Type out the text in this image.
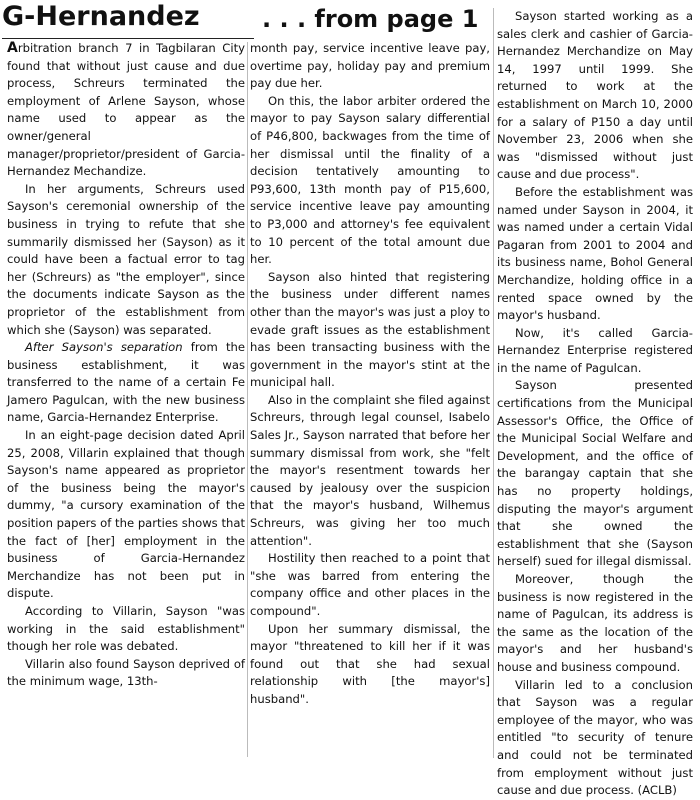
G-Hernandez	. . . from page 1

Arbitration branch 7 in Tagbilaran City found that without just cause and due process, Schreurs terminated the employment of Arlene Sayson, whose name used to appear as the owner/general manager/proprietor/president of Garcia-Hernandez Mechandize.

In her arguments, Schreurs used Sayson's ceremonial ownership of the business in trying to refute that she summarily dismissed her (Sayson) as it could have been a factual error to tag her (Schreurs) as "the employer", since the documents indicate Sayson as the proprietor of the establishment from which she (Sayson) was separated.

After Sayson's separation from the business establishment, it was transferred to the name of a certain Fe Jamero Pagulcan, with the new business name, Garcia-Hernandez Enterprise.

In an eight-page decision dated April 25, 2008, Villarin explained that though Sayson's name appeared as proprietor of the business being the mayor's dummy, "a cursory examination of the position papers of the parties shows that the fact of [her] employment in the business of Garcia-Hernandez Merchandize has not been put in dispute.

According to Villarin, Sayson "was working in the said establishment" though her role was debated.

Villarin also found Sayson deprived of the minimum wage, 13th-

month pay, service incentive leave pay, overtime pay, holiday pay and premium pay due her.

On this, the labor arbiter ordered the mayor to pay Sayson salary differential of P46,800, backwages from the time of her dismissal until the finality of a decision tentatively amounting to P93,600, 13th month pay of P15,600, service incentive leave pay amounting to P3,000 and attorney's fee equivalent to 10 percent of the total amount due her.

Sayson also hinted that registering the business under different names other than the mayor's was just a ploy to evade graft issues as the establishment has been transacting business with the government in the mayor's stint at the municipal hall.

Also in the complaint she filed against Schreurs, through legal counsel, Isabelo Sales Jr., Sayson narrated that before her summary dismissal from work, she "felt the mayor's resentment towards her caused by jealousy over the suspicion that the mayor's husband, Wilhemus Schreurs, was giving her too much attention".

Hostility then reached to a point that "she was barred from entering the company office and other places in the compound".

Upon her summary dismissal, the mayor "threatened to kill her if it was found out that she had sexual relationship with [the mayor's] husband".

Sayson started working as a sales clerk and cashier of Garcia-Hernandez Merchandize on May 14, 1997 until 1999. She returned to work at the establishment on March 10, 2000 for a salary of P150 a day until November 23, 2006 when she was "dismissed without just cause and due process".

Before the establishment was named under Sayson in 2004, it was named under a certain Vidal Pagaran from 2001 to 2004 and its business name, Bohol General Merchandize, holding office in a rented space owned by the mayor's husband.

Now, it's called Garcia-Hernandez Enterprise registered in the name of Pagulcan.

Sayson presented certifications from the Municipal Assessor's Office, the Office of the Municipal Social Welfare and Development, and the office of the barangay captain that she has no property holdings, disputing the mayor's argument that she owned the establishment that she (Sayson herself) sued for illegal dismissal.

Moreover, though the business is now registered in the name of Pagulcan, its address is the same as the location of the mayor's and her husband's house and business compound.

Villarin led to a conclusion that Sayson was a regular employee of the mayor, who was entitled "to security of tenure and could not be terminated from employment without just cause and due process. (ACLB)
